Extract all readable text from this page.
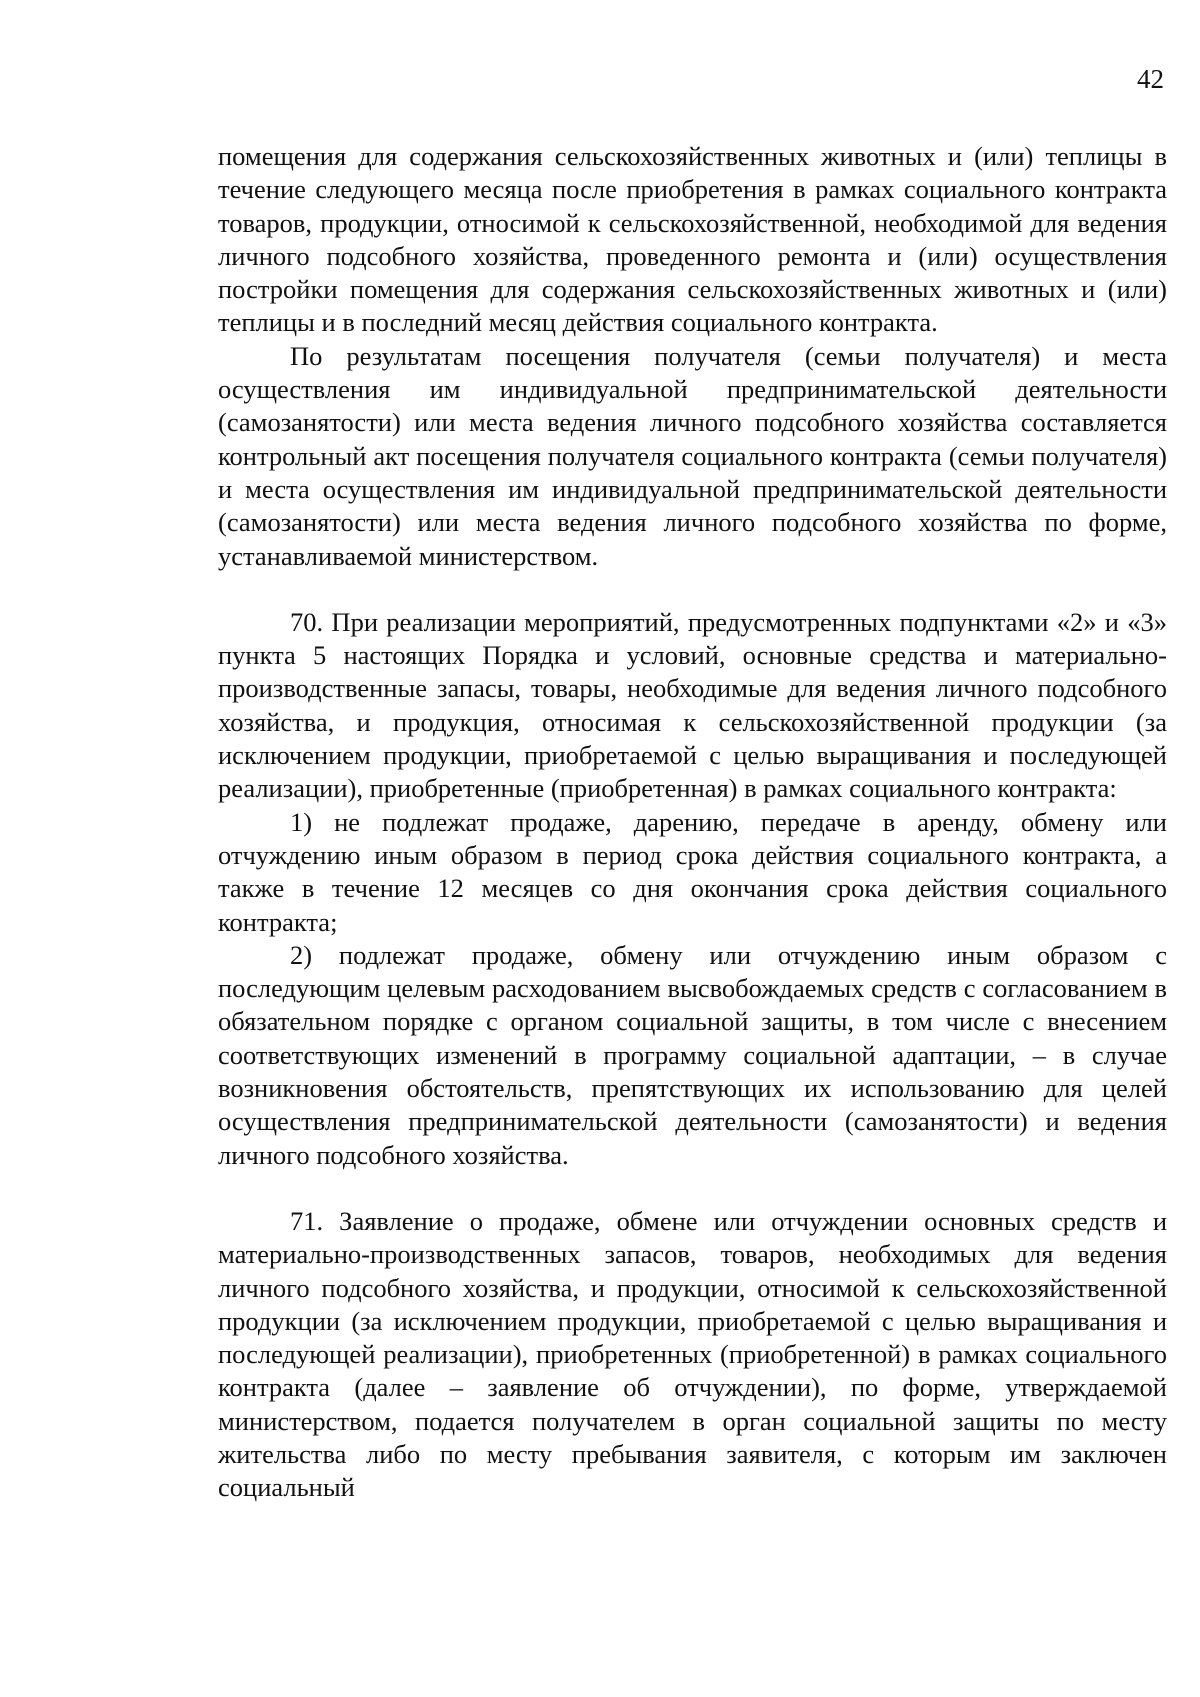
42

помещения для содержания сельскохозяйственных животных и (или) теплицы в течение следующего месяца после приобретения в рамках социального контракта товаров, продукции, относимой к сельскохозяйственной, необходимой для ведения личного подсобного хозяйства, проведенного ремонта и (или) осуществления постройки помещения для содержания сельскохозяйственных животных и (или) теплицы и в последний месяц действия социального контракта.

По результатам посещения получателя (семьи получателя) и места осуществления им индивидуальной предпринимательской деятельности (самозанятости) или места ведения личного подсобного хозяйства составляется контрольный акт посещения получателя социального контракта (семьи получателя) и места осуществления им индивидуальной предпринимательской деятельности (самозанятости) или места ведения личного подсобного хозяйства по форме, устанавливаемой министерством.

70. При реализации мероприятий, предусмотренных подпунктами «2» и «3» пункта 5 настоящих Порядка и условий, основные средства и материально-производственные запасы, товары, необходимые для ведения личного подсобного хозяйства, и продукция, относимая к сельскохозяйственной продукции (за исключением продукции, приобретаемой с целью выращивания и последующей реализации), приобретенные (приобретенная) в рамках социального контракта:

1) не подлежат продаже, дарению, передаче в аренду, обмену или отчуждению иным образом в период срока действия социального контракта, а также в течение 12 месяцев со дня окончания срока действия социального контракта;

2) подлежат продаже, обмену или отчуждению иным образом с последующим целевым расходованием высвобождаемых средств с согласованием в обязательном порядке с органом социальной защиты, в том числе с внесением соответствующих изменений в программу социальной адаптации, – в случае возникновения обстоятельств, препятствующих их использованию для целей осуществления предпринимательской деятельности (самозанятости) и ведения личного подсобного хозяйства.

71. Заявление о продаже, обмене или отчуждении основных средств и материально-производственных запасов, товаров, необходимых для ведения личного подсобного хозяйства, и продукции, относимой к сельскохозяйственной продукции (за исключением продукции, приобретаемой с целью выращивания и последующей реализации), приобретенных (приобретенной) в рамках социального контракта (далее – заявление об отчуждении), по форме, утверждаемой министерством, подается получателем в орган социальной защиты по месту жительства либо по месту пребывания заявителя, с которым им заключен социальный
